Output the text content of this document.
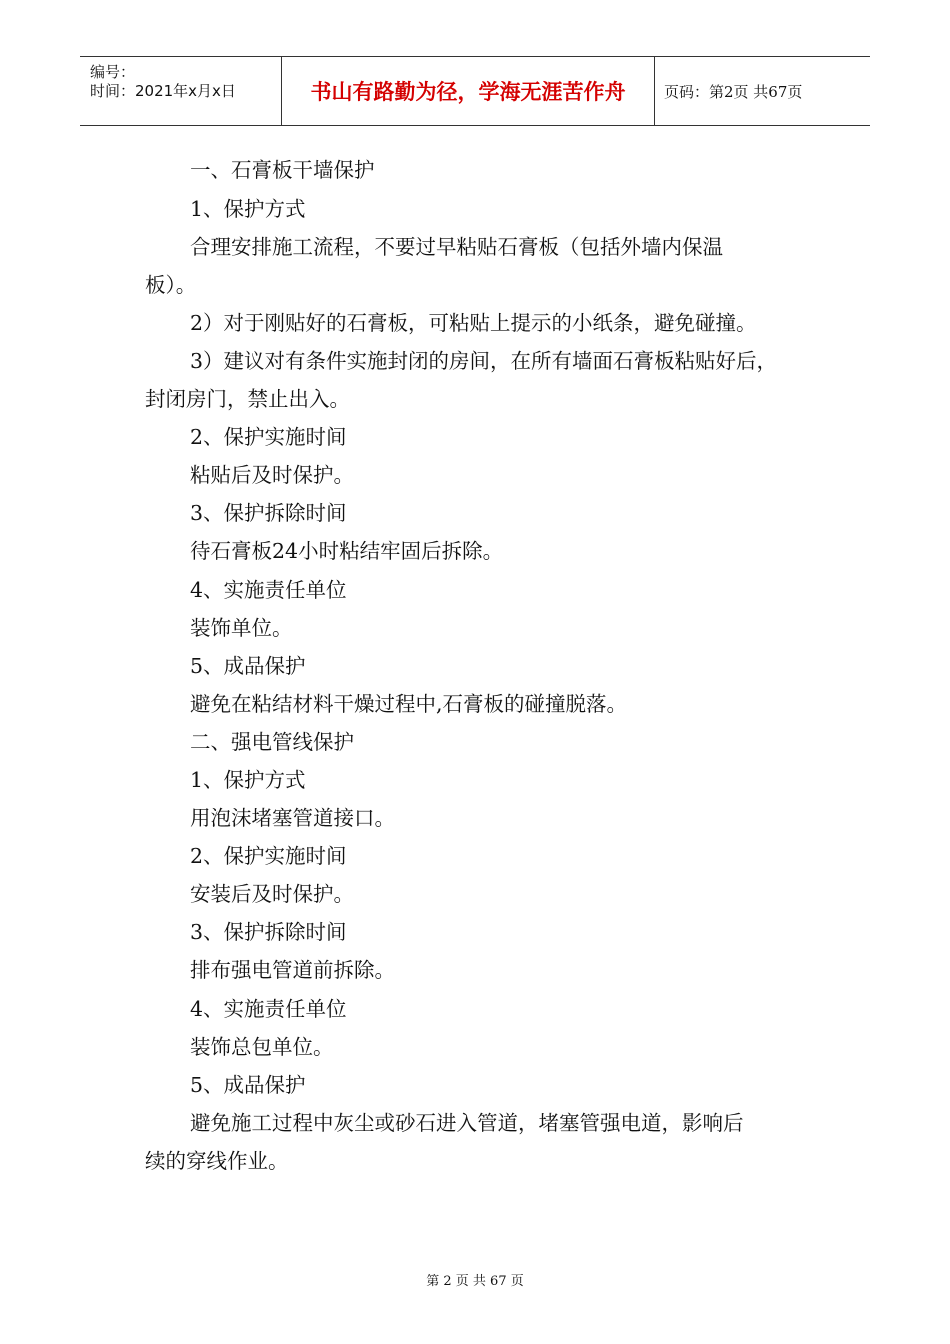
编号：
时间：2021年x月x日	书山有路勤为径，学海无涯苦作舟	页码：第2页 共67页
一、石膏板干墙保护
1、保护方式
合理安排施工流程，不要过早粘贴石膏板（包括外墙内保温
板）。
2）对于刚贴好的石膏板，可粘贴上提示的小纸条，避免碰撞。
3）建议对有条件实施封闭的房间，在所有墙面石膏板粘贴好后，
封闭房门，禁止出入。
2、保护实施时间
粘贴后及时保护。
3、保护拆除时间
待石膏板24小时粘结牢固后拆除。
4、实施责任单位
装饰单位。
5、成品保护
避免在粘结材料干燥过程中,石膏板的碰撞脱落。
二、强电管线保护
1、保护方式
用泡沫堵塞管道接口。
2、保护实施时间
安装后及时保护。
3、保护拆除时间
排布强电管道前拆除。
4、实施责任单位
装饰总包单位。
5、成品保护
避免施工过程中灰尘或砂石进入管道，堵塞管强电道，影响后
续的穿线作业。
第 2 页 共 67 页
